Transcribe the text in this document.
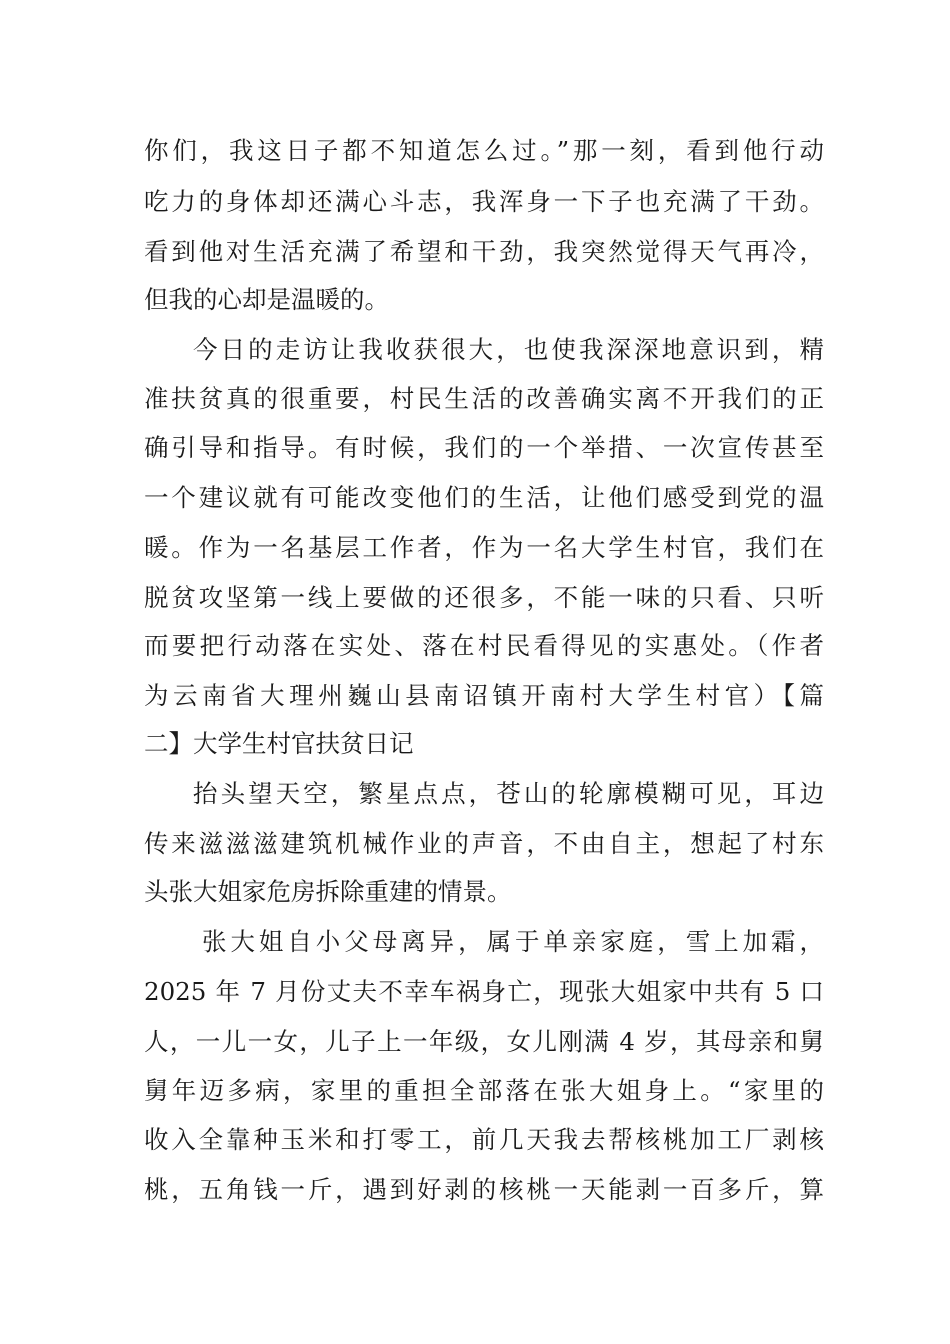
你们，我这日子都不知道怎么过。”那一刻，看到他行动
吃力的身体却还满心斗志，我浑身一下子也充满了干劲。
看到他对生活充满了希望和干劲，我突然觉得天气再冷，
但我的心却是温暖的。
今日的走访让我收获很大，也使我深深地意识到，精
准扶贫真的很重要，村民生活的改善确实离不开我们的正
确引导和指导。有时候，我们的一个举措、一次宣传甚至
一个建议就有可能改变他们的生活，让他们感受到党的温
暖。作为一名基层工作者，作为一名大学生村官，我们在
脱贫攻坚第一线上要做的还很多，不能一味的只看、只听
而要把行动落在实处、落在村民看得见的实惠处。（作者
为云南省大理州巍山县南诏镇开南村大学生村官）【篇
二】大学生村官扶贫日记
抬头望天空，繁星点点，苍山的轮廓模糊可见，耳边
传来滋滋滋建筑机械作业的声音，不由自主，想起了村东
头张大姐家危房拆除重建的情景。
张大姐自小父母离异，属于单亲家庭，雪上加霜，
2025 年 7 月份丈夫不幸车祸身亡，现张大姐家中共有 5 口
人，一儿一女，儿子上一年级，女儿刚满 4 岁，其母亲和舅
舅年迈多病，家里的重担全部落在张大姐身上。“家里的
收入全靠种玉米和打零工，前几天我去帮核桃加工厂剥核
桃，五角钱一斤，遇到好剥的核桃一天能剥一百多斤，算
